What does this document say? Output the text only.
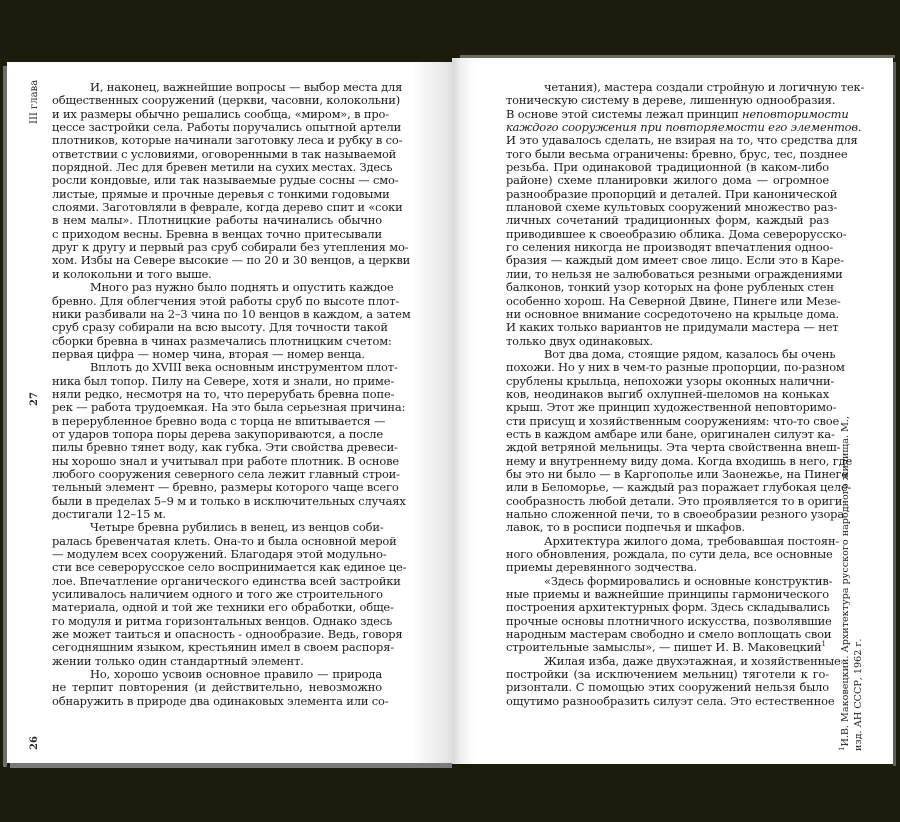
III глава
27
26
И, наконец, важнейшие вопросы — выбор места для
общественных сооружений (церкви, часовни, колокольни)
и их размеры обычно решались сообща, «миром», в про-
цессе застройки села. Работы поручались опытной артели
плотников, которые начинали заготовку леса и рубку в со-
ответствии с условиями, оговоренными в так называемой
порядной. Лес для бревен метили на сухих местах. Здесь
росли кондовые, или так называемые рудые сосны — смо-
листые, прямые и прочные деревья с тонкими годовыми
слоями. Заготовляли в феврале, когда дерево спит и «соки
в нем малы». Плотницкие работы начинались обычно
с приходом весны. Бревна в венцах точно притесывали
друг к другу и первый раз сруб собирали без утепления мо-
хом. Избы на Севере высокие — по 20 и 30 венцов, а церкви
и колокольни и того выше.
Много раз нужно было поднять и опустить каждое
бревно. Для облегчения этой работы сруб по высоте плот-
ники разбивали на 2–3 чина по 10 венцов в каждом, а затем
сруб сразу собирали на всю высоту. Для точности такой
сборки бревна в чинах размечались плотницким счетом:
первая цифра — номер чина, вторая — номер венца.
Вплоть до XVIII века основным инструментом плот-
ника был топор. Пилу на Севере, хотя и знали, но приме-
няли редко, несмотря на то, что перерубать бревна попе-
рек — работа трудоемкая. На это была серьезная причина:
в перерубленное бревно вода с торца не впитывается —
от ударов топора поры дерева закупориваются, а после
пилы бревно тянет воду, как губка. Эти свойства древеси-
ны хорошо знал и учитывал при работе плотник. В основе
любого сооружения северного села лежит главный строи-
тельный элемент — бревно, размеры которого чаще всего
были в пределах 5–9 м и только в исключительных случаях
достигали 12–15 м.
Четыре бревна рубились в венец, из венцов соби-
ралась бревенчатая клеть. Она-то и была основной мерой
— модулем всех сооружений. Благодаря этой модульно-
сти все северорусское село воспринимается как единое це-
лое. Впечатление органического единства всей застройки
усиливалось наличием одного и того же строительного
материала, одной и той же техники его обработки, обще-
го модуля и ритма горизонтальных венцов. Однако здесь
же может таиться и опасность - однообразие. Ведь, говоря
сегодняшним языком, крестьянин имел в своем распоря-
жении только один стандартный элемент.
Но, хорошо усвоив основное правило — природа
не терпит повторения (и действительно, невозможно
обнаружить в природе два одинаковых элемента или со-
четания), мастера создали стройную и логичную тек-
тоническую систему в дереве, лишенную однообразия.
В основе этой системы лежал принцип неповторимости
каждого сооружения при повторяемости его элементов.
И это удавалось сделать, не взирая на то, что средства для
того были весьма ограничены: бревно, брус, тес, позднее
резьба. При одинаковой традиционной (в каком-либо
районе) схеме планировки жилого дома — огромное
разнообразие пропорций и деталей. При канонической
плановой схеме культовых сооружений множество раз-
личных сочетаний традиционных форм, каждый раз
приводившее к своеобразию облика. Дома северорусско-
го селения никогда не производят впечатления одноо-
бразия — каждый дом имеет свое лицо. Если это в Каре-
лии, то нельзя не залюбоваться резными ограждениями
балконов, тонкий узор которых на фоне рубленых стен
особенно хорош. На Северной Двине, Пинеге или Мезе-
ни основное внимание сосредоточено на крыльце дома.
И каких только вариантов не придумали мастера — нет
только двух одинаковых.
Вот два дома, стоящие рядом, казалось бы очень
похожи. Но у них в чем-то разные пропорции, по-разном
срублены крыльца, непохожи узоры оконных налични-
ков, неодинаков выгиб охлупней-шеломов на коньках
крыш. Этот же принцип художественной неповторимо-
сти присущ и хозяйственным сооружениям: что-то свое
есть в каждом амбаре или бане, оригинален силуэт ка-
ждой ветряной мельницы. Эта черта свойственна внеш-
нему и внутреннему виду дома. Когда входишь в него, где
бы это ни было — в Каргополье или Заонежье, на Пинеге
или в Беломорье, — каждый раз поражает глубокая целе-
сообразность любой детали. Это проявляется то в ориги-
нально сложенной печи, то в своеобразии резного узора
лавок, то в росписи подпечья и шкафов.
Архитектура жилого дома, требовавшая постоян-
ного обновления, рождала, по сути дела, все основные
приемы деревянного зодчества.
«Здесь формировались и основные конструктив-
ные приемы и важнейшие принципы гармонического
построения архитектурных форм. Здесь складывались
прочные основы плотничного искусства, позволявшие
народным мастерам свободно и смело воплощать свои
строительные замыслы», — пишет И. В. Маковецкий$^1$
Жилая изба, даже двухэтажная, и хозяйственные
постройки (за исключением мельниц) тяготели к го-
ризонтали. С помощью этих сооружений нельзя было
ощутимо разнообразить силуэт села. Это естественное
$^1$И.В. Маковецкий. Архитектура русского народного жилища. М., изд. АН СССР, 1962 г.
